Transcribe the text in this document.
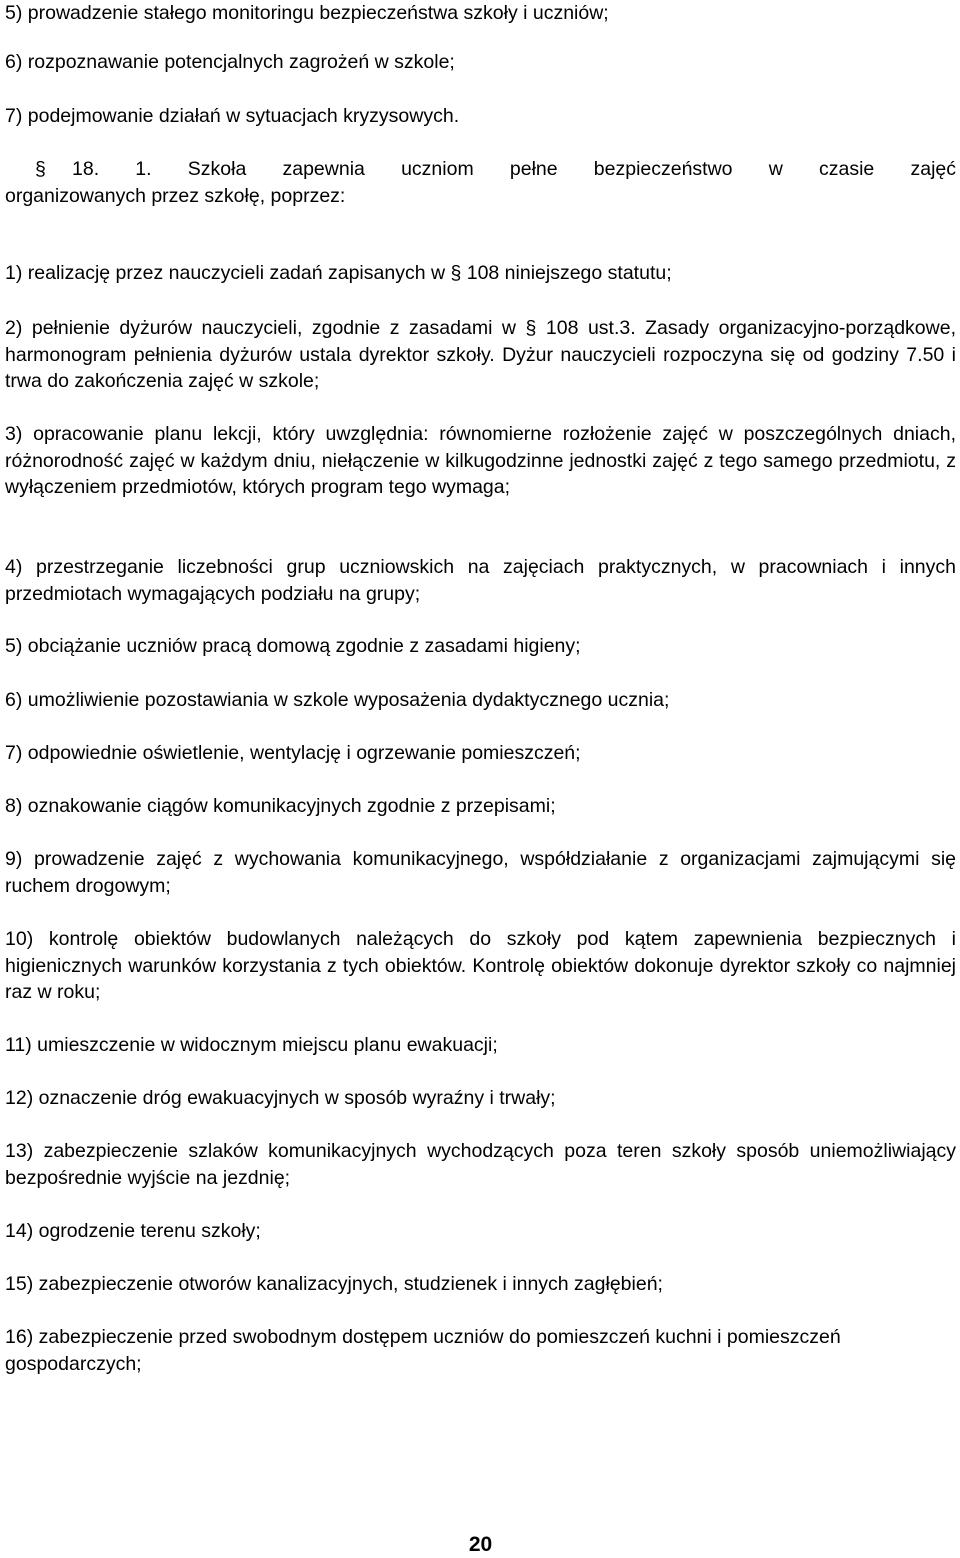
5) prowadzenie stałego monitoringu bezpieczeństwa szkoły i uczniów;

6) rozpoznawanie potencjalnych zagrożeń w szkole;

7) podejmowanie działań w sytuacjach kryzysowych.

18. 1. Szkoła zapewnia uczniom pełne bezpieczeństwo w czasie zajęć

organizowanych przez szkołę, poprzez:

§

1) realizację przez nauczycieli zadań zapisanych w § 108 niniejszego statutu;

2) pełnienie dyżurów nauczycieli, zgodnie z zasadami w § 108 ust.3. Zasady organizacyjno-porządkowe, harmonogram pełnienia dyżurów ustala dyrektor szkoły. Dyżur nauczycieli rozpoczyna się od godziny 7.50 i trwa do zakończenia zajęć w szkole;

3) opracowanie planu lekcji, który uwzględnia: równomierne rozłożenie zajęć w poszczególnych dniach, różnorodność zajęć w każdym dniu, niełączenie w kilkugodzinne jednostki zajęć z tego samego przedmiotu, z wyłączeniem przedmiotów, których program tego wymaga;

4) przestrzeganie liczebności grup uczniowskich na zajęciach praktycznych, w pracowniach i innych przedmiotach wymagających podziału na grupy;

5) obciążanie uczniów pracą domową zgodnie z zasadami higieny;

6) umożliwienie pozostawiania w szkole wyposażenia dydaktycznego ucznia;

7) odpowiednie oświetlenie, wentylację i ogrzewanie pomieszczeń;

8) oznakowanie ciągów komunikacyjnych zgodnie z przepisami;

9) prowadzenie zajęć z wychowania komunikacyjnego, współdziałanie z organizacjami zajmującymi się ruchem drogowym;

10) kontrolę obiektów budowlanych należących do szkoły pod kątem zapewnienia bezpiecznych i higienicznych warunków korzystania z tych obiektów. Kontrolę obiektów dokonuje dyrektor szkoły co najmniej raz w roku;

11) umieszczenie w widocznym miejscu planu ewakuacji;

12) oznaczenie dróg ewakuacyjnych w sposób wyraźny i trwały;

13) zabezpieczenie szlaków komunikacyjnych wychodzących poza teren szkoły sposób uniemożliwiający bezpośrednie wyjście na jezdnię;

14) ogrodzenie terenu szkoły;

15) zabezpieczenie otworów kanalizacyjnych, studzienek i innych zagłębień;

16) zabezpieczenie przed swobodnym dostępem uczniów do pomieszczeń kuchni i pomieszczeń gospodarczych;

20
